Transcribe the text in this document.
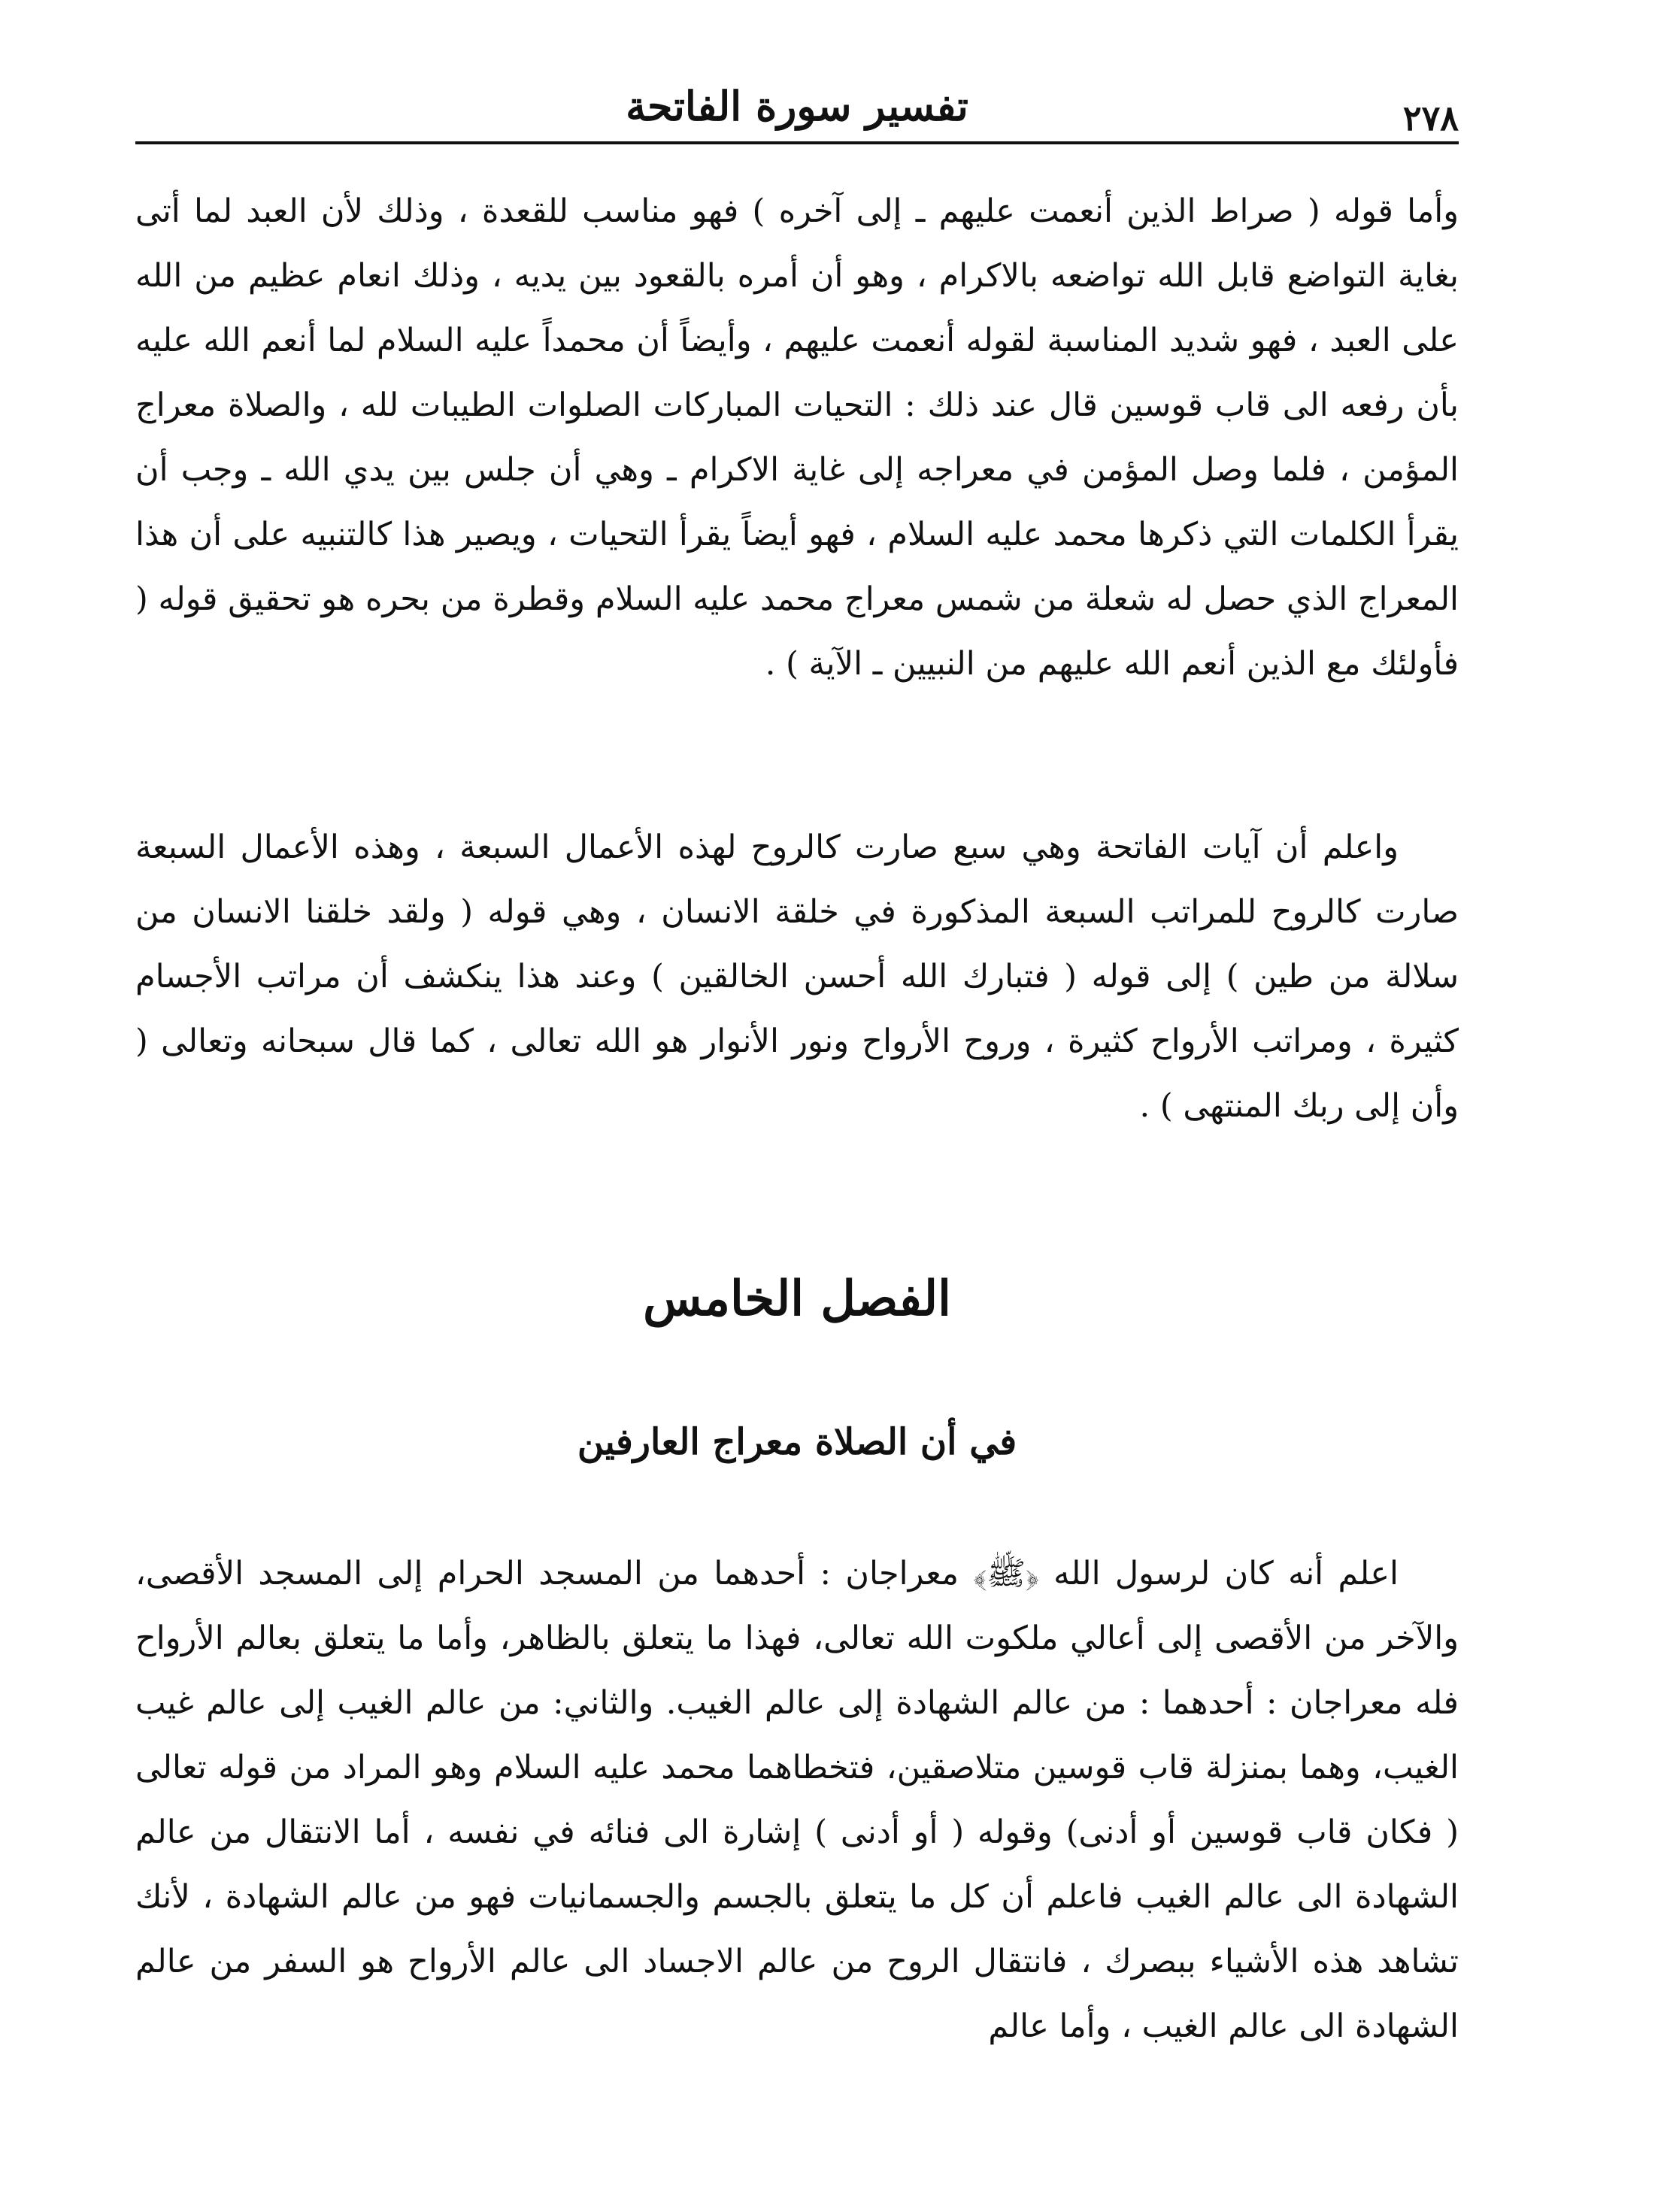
٢٧٨
تفسير سورة الفاتحة

وأما قوله ( صراط الذين أنعمت عليهم ـ إلى آخره ) فهو مناسب للقعدة ، وذلك لأن العبد لما أتى بغاية التواضع قابل الله تواضعه بالاكرام ، وهو أن أمره بالقعود بين يديه ، وذلك انعام عظيم من الله على العبد ، فهو شديد المناسبة لقوله أنعمت عليهم ، وأيضاً أن محمداً عليه السلام لما أنعم الله عليه بأن رفعه الى قاب قوسين قال عند ذلك : التحيات المباركات الصلوات الطيبات لله ، والصلاة معراج المؤمن ، فلما وصل المؤمن في معراجه إلى غاية الاكرام ـ وهي أن جلس بين يدي الله ـ وجب أن يقرأ الكلمات التي ذكرها محمد عليه السلام ، فهو أيضاً يقرأ التحيات ، ويصير هذا كالتنبيه على أن هذا المعراج الذي حصل له شعلة من شمس معراج محمد عليه السلام وقطرة من بحره هو تحقيق قوله ( فأولئك مع الذين أنعم الله عليهم من النبيين ـ الآية ) .

واعلم أن آيات الفاتحة وهي سبع صارت كالروح لهذه الأعمال السبعة ، وهذه الأعمال السبعة صارت كالروح للمراتب السبعة المذكورة في خلقة الانسان ، وهي قوله ( ولقد خلقنا الانسان من سلالة من طين ) إلى قوله ( فتبارك الله أحسن الخالقين ) وعند هذا ينكشف أن مراتب الأجسام كثيرة ، ومراتب الأرواح كثيرة ، وروح الأرواح ونور الأنوار هو الله تعالى ، كما قال سبحانه وتعالى ( وأن إلى ربك المنتهى ) .

الفصل الخامس
في أن الصلاة معراج العارفين

اعلم أنه كان لرسول الله ﴿ﷺ﴾ معراجان : أحدهما من المسجد الحرام إلى المسجد الأقصى، والآخر من الأقصى إلى أعالي ملكوت الله تعالى، فهذا ما يتعلق بالظاهر، وأما ما يتعلق بعالم الأرواح فله معراجان : أحدهما : من عالم الشهادة إلى عالم الغيب. والثاني: من عالم الغيب إلى عالم غيب الغيب، وهما بمنزلة قاب قوسين متلاصقين، فتخطاهما محمد عليه السلام وهو المراد من قوله تعالى ( فكان قاب قوسين أو أدنى) وقوله ( أو أدنى ) إشارة الى فنائه في نفسه ، أما الانتقال من عالم الشهادة الى عالم الغيب فاعلم أن كل ما يتعلق بالجسم والجسمانيات فهو من عالم الشهادة ، لأنك تشاهد هذه الأشياء ببصرك ، فانتقال الروح من عالم الاجساد الى عالم الأرواح هو السفر من عالم الشهادة الى عالم الغيب ، وأما عالم
